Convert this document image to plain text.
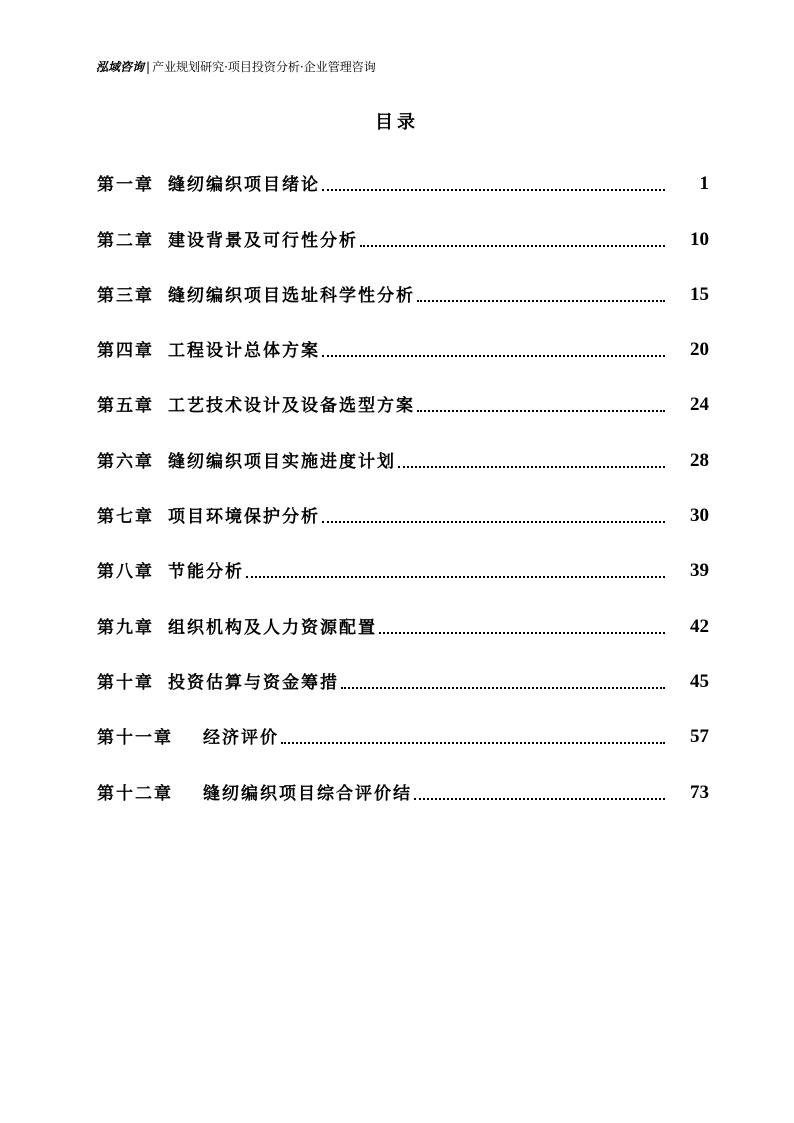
泓域咨询 | 产业规划研究·项目投资分析·企业管理咨询
目录
第一章 缝纫编织项目绪论	1
第二章 建设背景及可行性分析	10
第三章 缝纫编织项目选址科学性分析	15
第四章 工程设计总体方案	20
第五章 工艺技术设计及设备选型方案	24
第六章 缝纫编织项目实施进度计划	28
第七章 项目环境保护分析	30
第八章 节能分析	39
第九章 组织机构及人力资源配置	42
第十章 投资估算与资金筹措	45
第十一章 经济评价	57
第十二章 缝纫编织项目综合评价结	73
